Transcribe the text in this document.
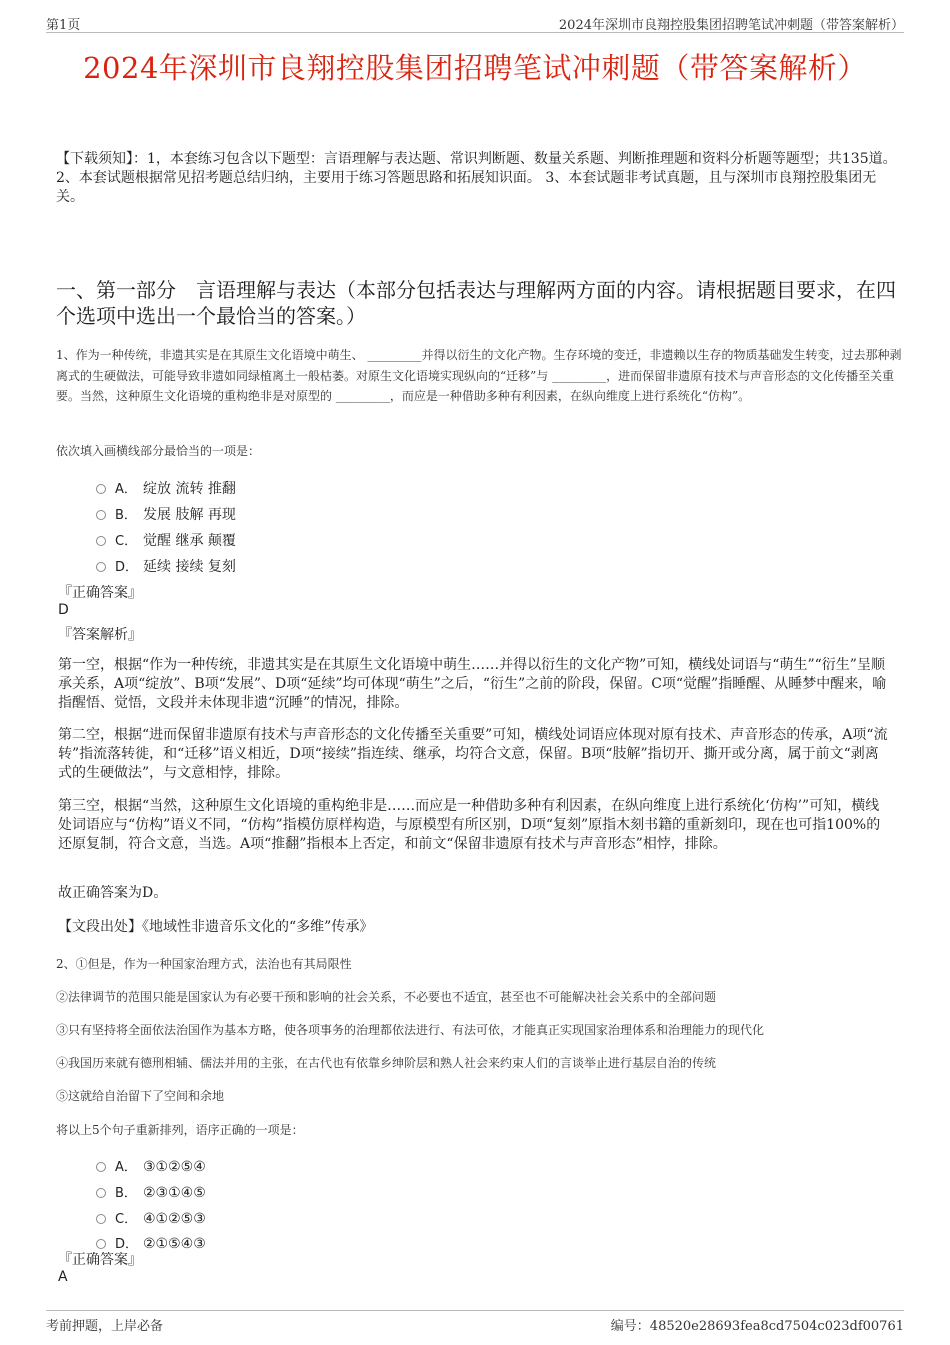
第1页	2024年深圳市良翔控股集团招聘笔试冲刺题（带答案解析）
2024年深圳市良翔控股集团招聘笔试冲刺题（带答案解析）
【下载须知】：1，本套练习包含以下题型：言语理解与表达题、常识判断题、数量关系题、判断推理题和资料分析题等题型；共135道。 2、本套试题根据常见招考题总结归纳，主要用于练习答题思路和拓展知识面。 3、本套试题非考试真题，且与深圳市良翔控股集团无关。
一、第一部分　言语理解与表达（本部分包括表达与理解两方面的内容。请根据题目要求，在四个选项中选出一个最恰当的答案。）
1、作为一种传统，非遗其实是在其原生文化语境中萌生、 _________并得以衍生的文化产物。生存环境的变迁，非遗赖以生存的物质基础发生转变，过去那种剥离式的生硬做法，可能导致非遗如同绿植离土一般枯萎。对原生文化语境实现纵向的“迁移”与 _________，进而保留非遗原有技术与声音形态的文化传播至关重要。当然，这种原生文化语境的重构绝非是对原型的 _________，而应是一种借助多种有利因素，在纵向维度上进行系统化“仿构”。
依次填入画横线部分最恰当的一项是：
A． 绽放 流转 推翻
B． 发展 肢解 再现
C． 觉醒 继承 颠覆
D． 延续 接续 复刻
『正确答案』
D
『答案解析』
第一空，根据“作为一种传统，非遗其实是在其原生文化语境中萌生……并得以衍生的文化产物”可知，横线处词语与“萌生”“衍生”呈顺承关系，A项“绽放”、B项“发展”、D项“延续”均可体现“萌生”之后，“衍生”之前的阶段，保留。C项“觉醒”指睡醒、从睡梦中醒来，喻指醒悟、觉悟，文段并未体现非遗“沉睡”的情况，排除。
第二空，根据“进而保留非遗原有技术与声音形态的文化传播至关重要”可知，横线处词语应体现对原有技术、声音形态的传承，A项“流转”指流落转徙，和“迁移”语义相近，D项“接续”指连续、继承，均符合文意，保留。B项“肢解”指切开、撕开或分离，属于前文“剥离式的生硬做法”，与文意相悖，排除。
第三空，根据“当然，这种原生文化语境的重构绝非是……而应是一种借助多种有利因素，在纵向维度上进行系统化‘仿构’”可知，横线处词语应与“仿构”语义不同，“仿构”指模仿原样构造，与原模型有所区别，D项“复刻”原指木刻书籍的重新刻印，现在也可指100%的还原复制，符合文意，当选。A项“推翻”指根本上否定，和前文“保留非遗原有技术与声音形态”相悖，排除。
故正确答案为D。
【文段出处】《地域性非遗音乐文化的“多维”传承》
2、①但是，作为一种国家治理方式，法治也有其局限性
②法律调节的范围只能是国家认为有必要干预和影响的社会关系，不必要也不适宜，甚至也不可能解决社会关系中的全部问题
③只有坚持将全面依法治国作为基本方略，使各项事务的治理都依法进行、有法可依，才能真正实现国家治理体系和治理能力的现代化
④我国历来就有德刑相辅、儒法并用的主张，在古代也有依靠乡绅阶层和熟人社会来约束人们的言谈举止进行基层自治的传统
⑤这就给自治留下了空间和余地
将以上5个句子重新排列，语序正确的一项是：
A． ③①②⑤④
B． ②③①④⑤
C． ④①②⑤③
D． ②①⑤④③
『正确答案』
A
考前押题，上岸必备	编号：48520e28693fea8cd7504c023df00761
